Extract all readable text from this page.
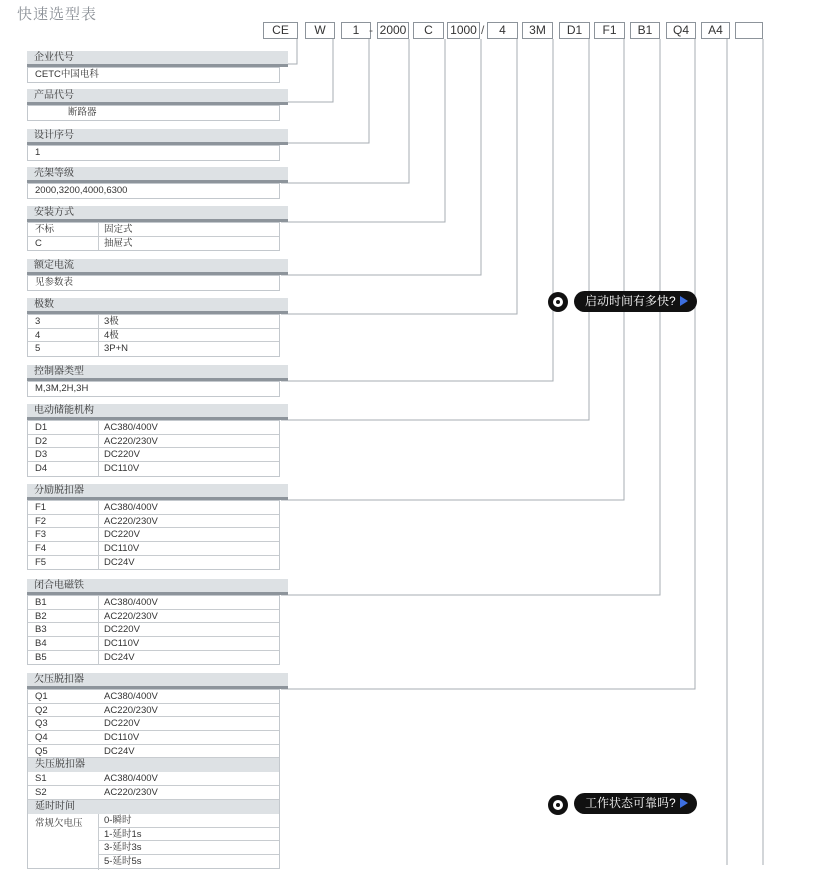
快速选型表
CE	W	1 - 2000	C	1000 /	4	3M	D1	F1	B1	Q4	A4
企业代号
CETC中国电科
产品代号
断路器
设计序号
1
壳架等级
2000,3200,4000,6300
安装方式
不标	固定式
C	抽屉式
额定电流
见参数表
极数
3	3极
4	4极
5	3P+N
控制器类型
M,3M,2H,3H
电动储能机构
D1	AC380/400V
D2	AC220/230V
D3	DC220V
D4	DC110V
分励脱扣器
F1	AC380/400V
F2	AC220/230V
F3	DC220V
F4	DC110V
F5	DC24V
闭合电磁铁
B1	AC380/400V
B2	AC220/230V
B3	DC220V
B4	DC110V
B5	DC24V
欠压脱扣器
Q1	AC380/400V
Q2	AC220/230V
Q3	DC220V
Q4	DC110V
Q5	DC24V
失压脱扣器
S1	AC380/400V
S2	AC220/230V
延时时间
常规欠电压	0-瞬时
1-延时1s
3-延时3s
5-延时5s
启动时间有多快?
工作状态可靠吗?
